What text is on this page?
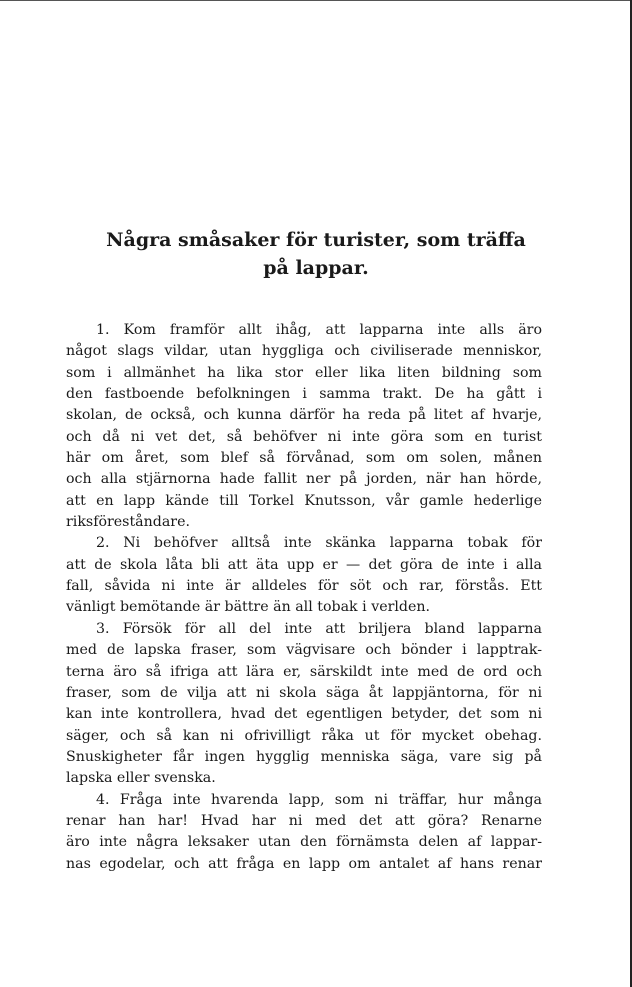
Några småsaker för turister, som träffa
på lappar.
1. Kom framför allt ihåg, att lapparna inte alls äro
något slags vildar, utan hyggliga och civiliserade menniskor,
som i allmänhet ha lika stor eller lika liten bildning som
den fastboende befolkningen i samma trakt. De ha gått i
skolan, de också, och kunna därför ha reda på litet af hvarje,
och då ni vet det, så behöfver ni inte göra som en turist
här om året, som blef så förvånad, som om solen, månen
och alla stjärnorna hade fallit ner på jorden, när han hörde,
att en lapp kände till Torkel Knutsson, vår gamle hederlige
riksföreståndare.
2. Ni behöfver alltså inte skänka lapparna tobak för
att de skola låta bli att äta upp er — det göra de inte i alla
fall, såvida ni inte är alldeles för söt och rar, förstås. Ett
vänligt bemötande är bättre än all tobak i verlden.
3. Försök för all del inte att briljera bland lapparna
med de lapska fraser, som vägvisare och bönder i lapptrak-
terna äro så ifriga att lära er, särskildt inte med de ord och
fraser, som de vilja att ni skola säga åt lappjäntorna, för ni
kan inte kontrollera, hvad det egentligen betyder, det som ni
säger, och så kan ni ofrivilligt råka ut för mycket obehag.
Snuskigheter får ingen hygglig menniska säga, vare sig på
lapska eller svenska.
4. Fråga inte hvarenda lapp, som ni träffar, hur många
renar han har! Hvad har ni med det att göra? Renarne
äro inte några leksaker utan den förnämsta delen af lappar-
nas egodelar, och att fråga en lapp om antalet af hans renar
